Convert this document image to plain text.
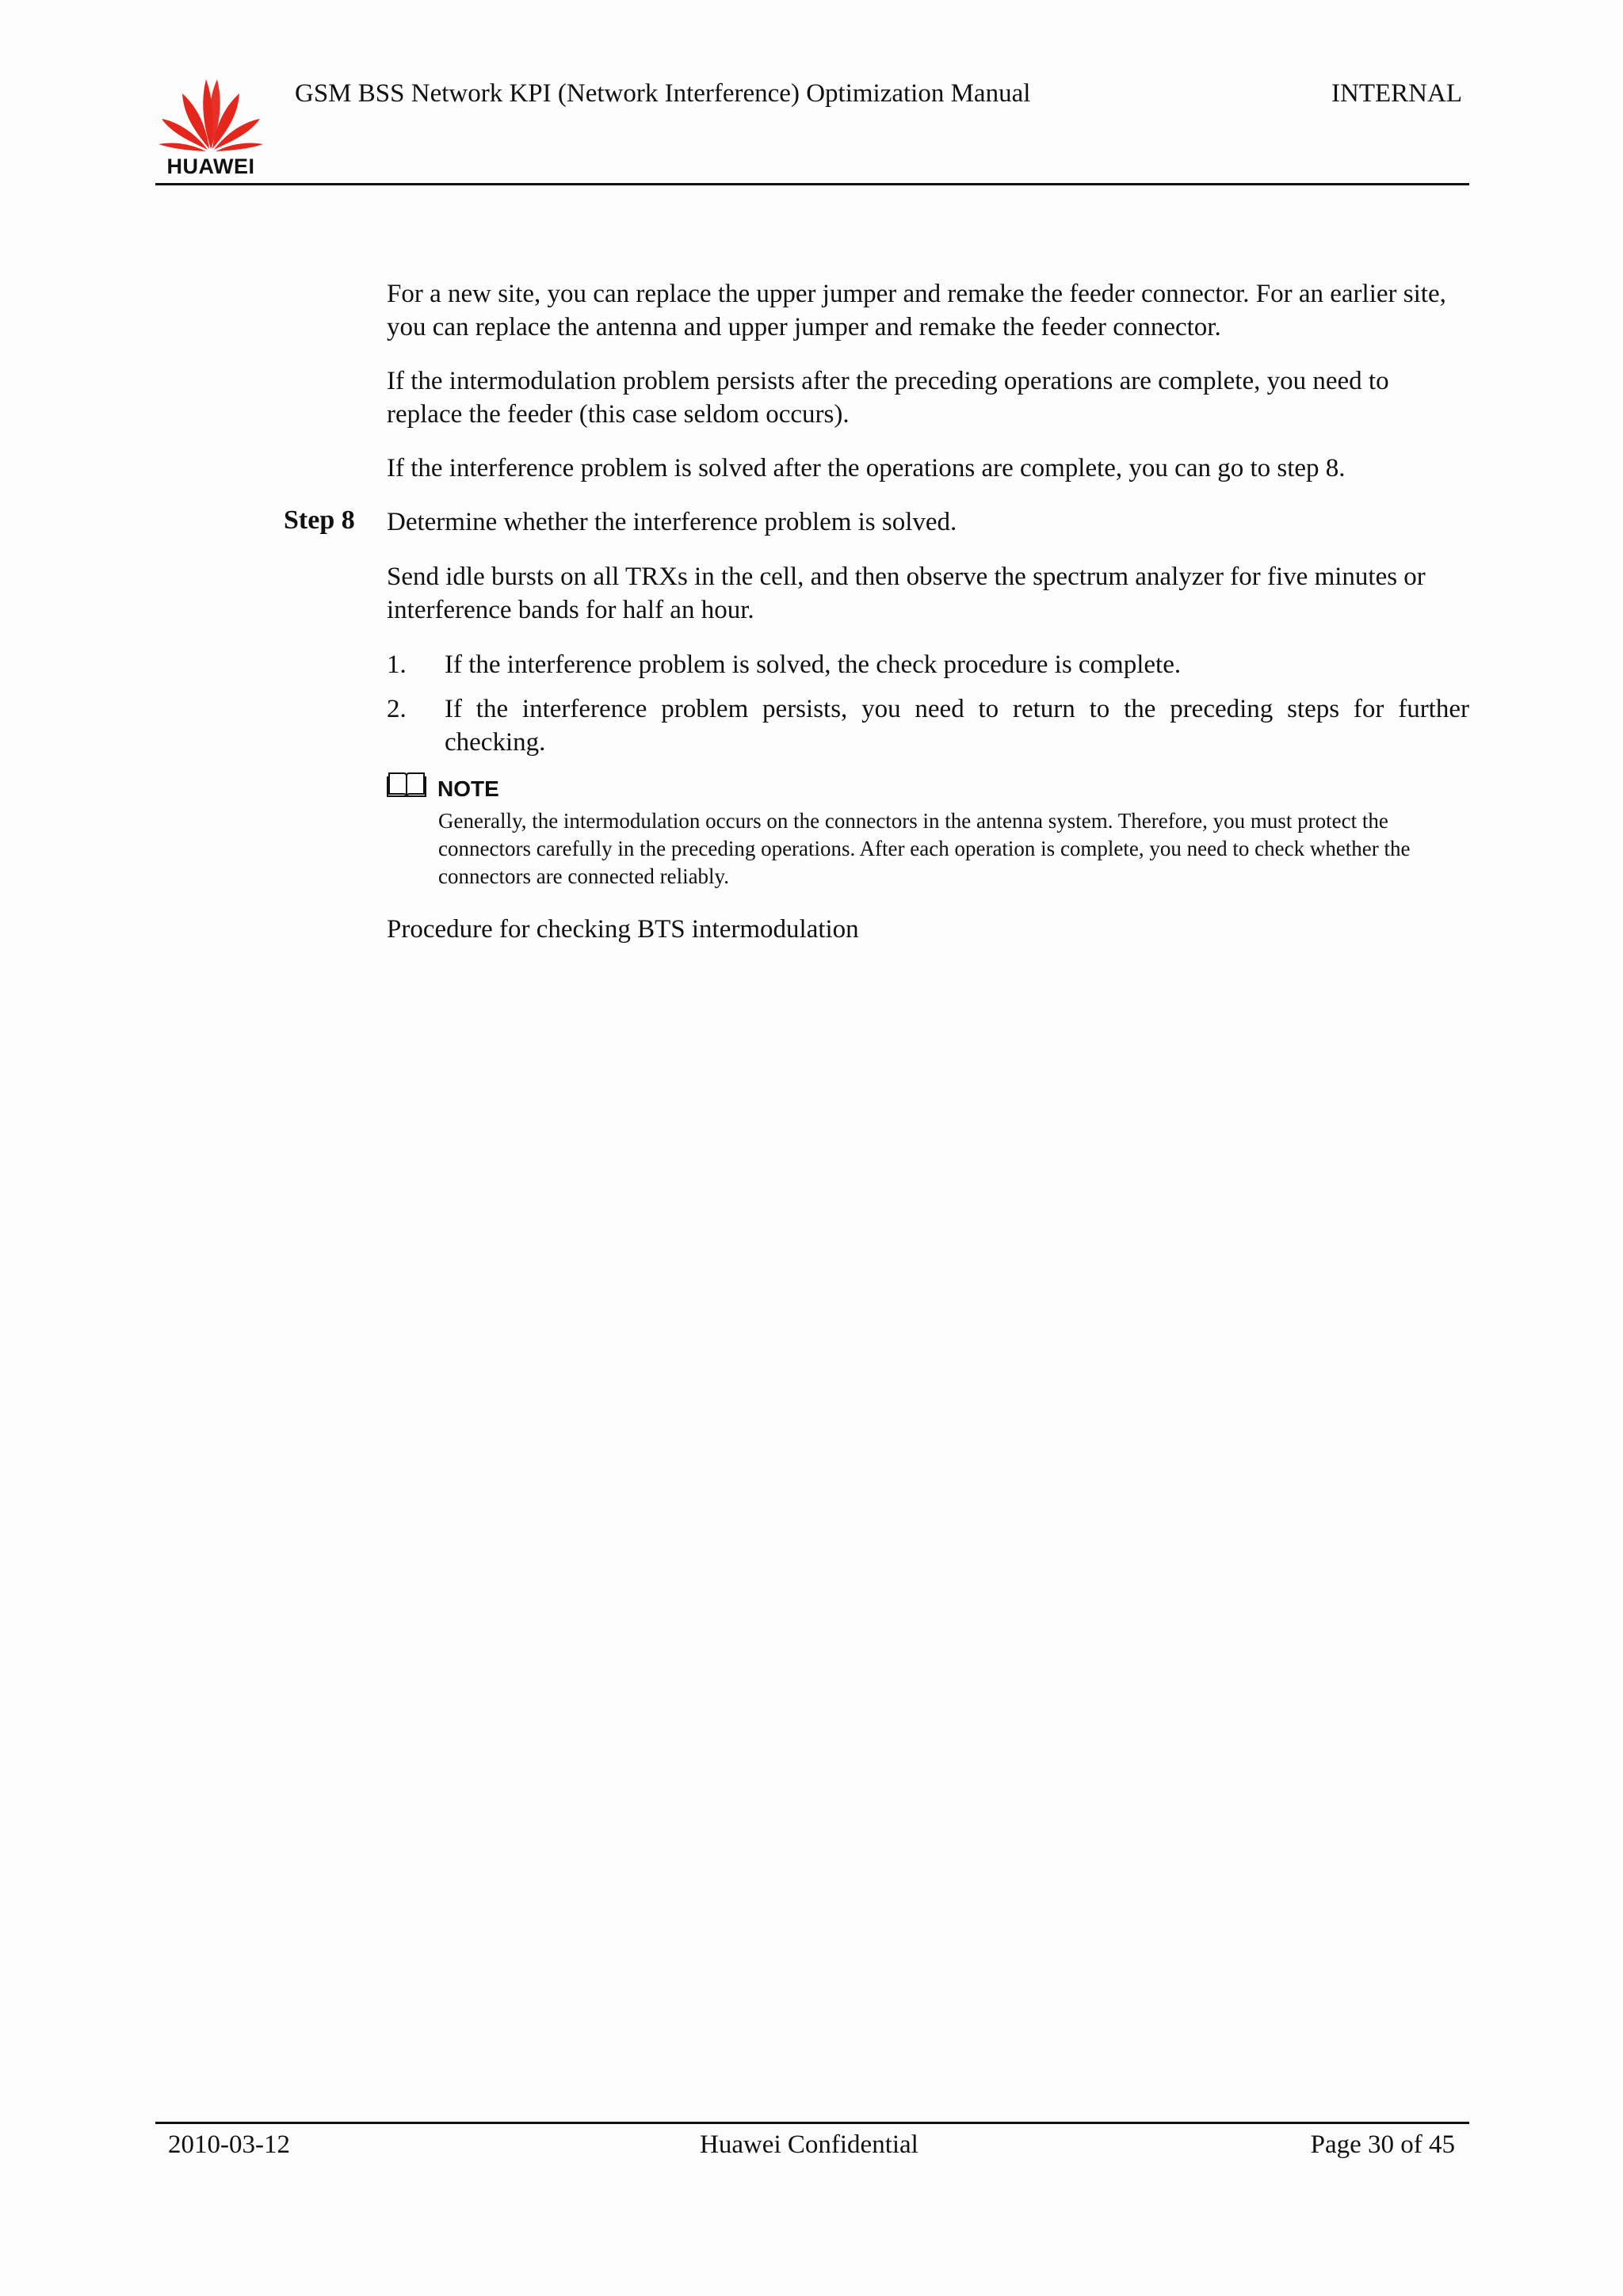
HUAWEI
GSM BSS Network KPI (Network Interference) Optimization Manual	INTERNAL

For a new site, you can replace the upper jumper and remake the feeder connector. For an earlier site, you can replace the antenna and upper jumper and remake the feeder connector.

If the intermodulation problem persists after the preceding operations are complete, you need to replace the feeder (this case seldom occurs).

If the interference problem is solved after the operations are complete, you can go to step 8.

Step 8 Determine whether the interference problem is solved.

Send idle bursts on all TRXs in the cell, and then observe the spectrum analyzer for five minutes or interference bands for half an hour.

1. If the interference problem is solved, the check procedure is complete.
2. If the interference problem persists, you need to return to the preceding steps for further checking.
NOTE
Generally, the intermodulation occurs on the connectors in the antenna system. Therefore, you must protect the connectors carefully in the preceding operations. After each operation is complete, you need to check whether the connectors are connected reliably.

Procedure for checking BTS intermodulation

2010-03-12	Huawei Confidential	Page 30 of 45
